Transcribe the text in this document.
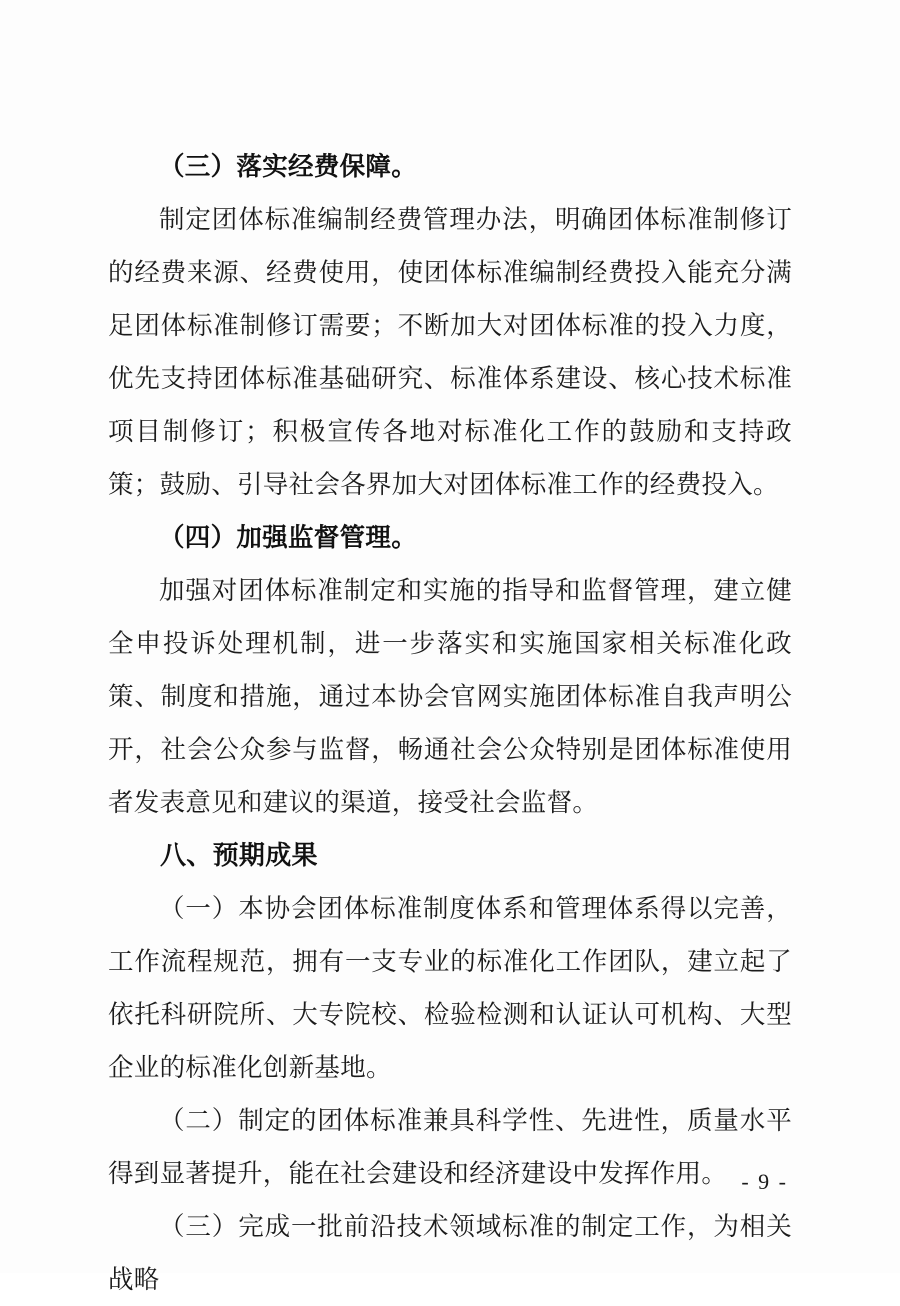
（三）落实经费保障。

制定团体标准编制经费管理办法，明确团体标准制修订的经费来源、经费使用，使团体标准编制经费投入能充分满足团体标准制修订需要；不断加大对团体标准的投入力度，优先支持团体标准基础研究、标准体系建设、核心技术标准项目制修订；积极宣传各地对标准化工作的鼓励和支持政策；鼓励、引导社会各界加大对团体标准工作的经费投入。

（四）加强监督管理。

加强对团体标准制定和实施的指导和监督管理，建立健全申投诉处理机制，进一步落实和实施国家相关标准化政策、制度和措施，通过本协会官网实施团体标准自我声明公开，社会公众参与监督，畅通社会公众特别是团体标准使用者发表意见和建议的渠道，接受社会监督。

八、预期成果

（一）本协会团体标准制度体系和管理体系得以完善，工作流程规范，拥有一支专业的标准化工作团队，建立起了依托科研院所、大专院校、检验检测和认证认可机构、大型企业的标准化创新基地。

（二）制定的团体标准兼具科学性、先进性，质量水平得到显著提升，能在社会建设和经济建设中发挥作用。

（三）完成一批前沿技术领域标准的制定工作，为相关战略

- 9 -
